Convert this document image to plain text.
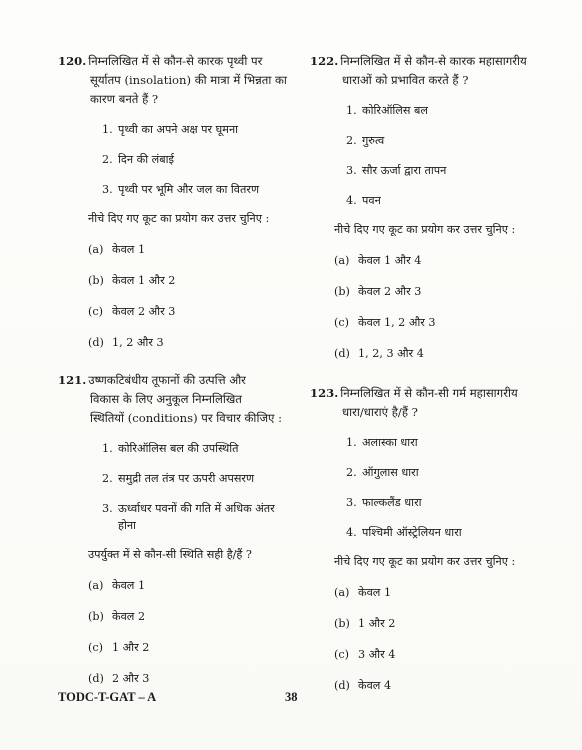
120. निम्नलिखित में से कौन-से कारक पृथ्वी पर
सूर्यातप (insolation) की मात्रा में भिन्नता का
कारण बनते हैं ?
1. पृथ्वी का अपने अक्ष पर घूमना
2. दिन की लंबाई
3. पृथ्वी पर भूमि और जल का वितरण
नीचे दिए गए कूट का प्रयोग कर उत्तर चुनिए :
(a) केवल 1
(b) केवल 1 और 2
(c) केवल 2 और 3
(d) 1, 2 और 3
121. उष्णकटिबंधीय तूफानों की उत्पत्ति और
विकास के लिए अनुकूल निम्नलिखित
स्थितियों (conditions) पर विचार कीजिए :
1. कोरिऑलिस बल की उपस्थिति
2. समुद्री तल तंत्र पर ऊपरी अपसरण
3. ऊर्ध्वाधर पवनों की गति में अधिक अंतर
होना
उपर्युक्त में से कौन-सी स्थिति सही है/हैं ?
(a) केवल 1
(b) केवल 2
(c) 1 और 2
(d) 2 और 3
122. निम्नलिखित में से कौन-से कारक महासागरीय
धाराओं को प्रभावित करते हैं ?
1. कोरिऑलिस बल
2. गुरुत्व
3. सौर ऊर्जा द्वारा तापन
4. पवन
नीचे दिए गए कूट का प्रयोग कर उत्तर चुनिए :
(a) केवल 1 और 4
(b) केवल 2 और 3
(c) केवल 1, 2 और 3
(d) 1, 2, 3 और 4
123. निम्नलिखित में से कौन-सी गर्म महासागरीय
धारा/धाराएं है/हैं ?
1. अलास्का धारा
2. ऑगुलास धारा
3. फाल्कलैंड धारा
4. पश्चिमी ऑस्ट्रेलियन धारा
नीचे दिए गए कूट का प्रयोग कर उत्तर चुनिए :
(a) केवल 1
(b) 1 और 2
(c) 3 और 4
(d) केवल 4
TODC-T-GAT – A	38
